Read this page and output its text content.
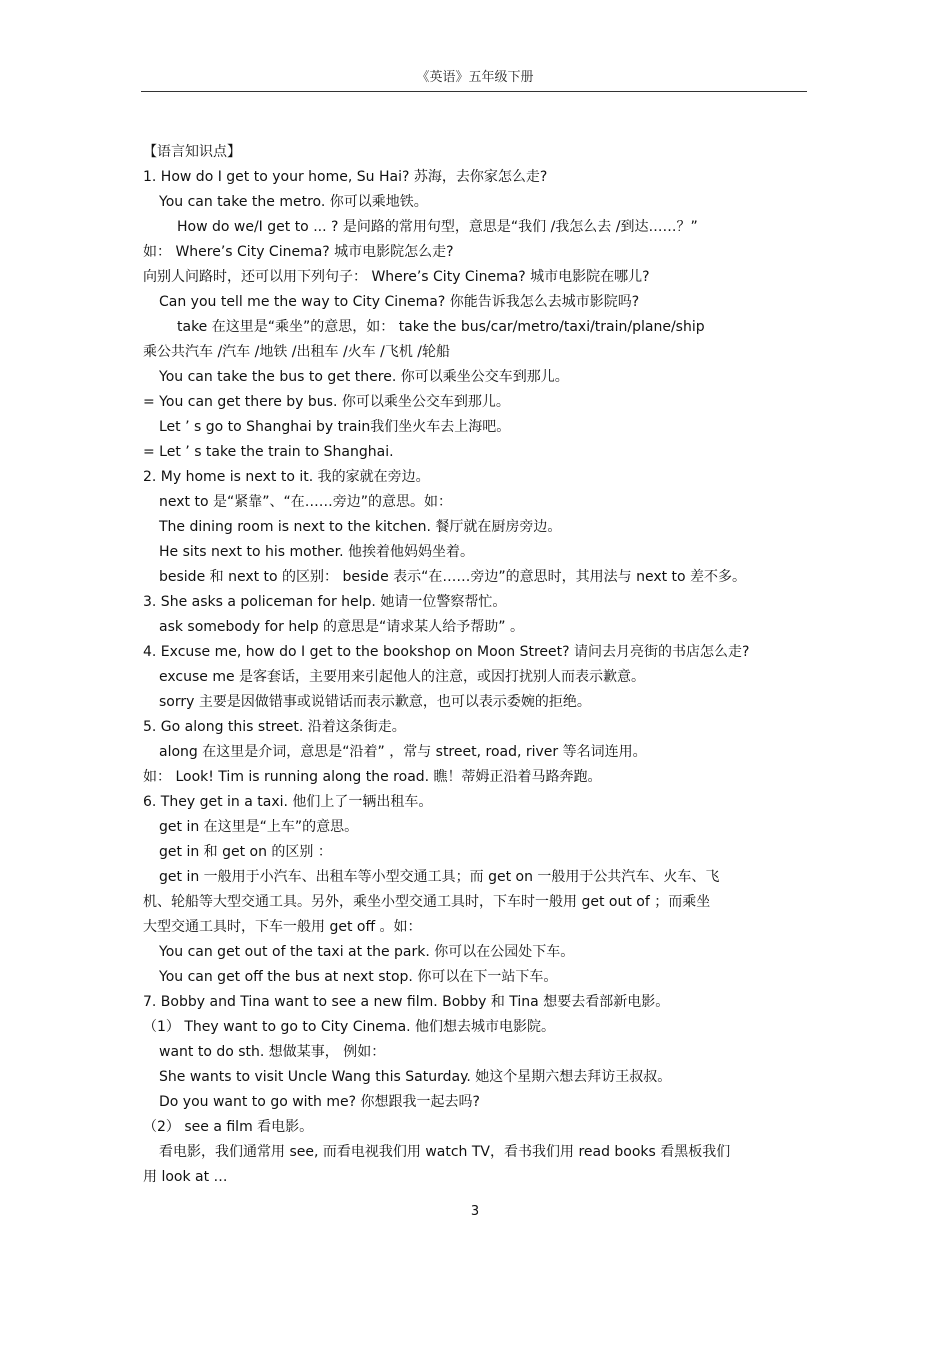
《英语》五年级下册
【语言知识点】
1. How do I get to your home, Su Hai? 苏海，去你家怎么走?
You can take the metro. 你可以乘地铁。
How do we/I get to ... ? 是问路的常用句型，意思是“我们 /我怎么去 /到达……？”
如： Where’s City Cinema? 城市电影院怎么走?
向别人问路时，还可以用下列句子： Where’s City Cinema? 城市电影院在哪儿?
Can you tell me the way to City Cinema? 你能告诉我怎么去城市影院吗?
take 在这里是“乘坐”的意思，如： take the bus/car/metro/taxi/train/plane/ship
乘公共汽车 /汽车 /地铁 /出租车 /火车 /飞机 /轮船
You can take the bus to get there. 你可以乘坐公交车到那儿。
= You can get there by bus. 你可以乘坐公交车到那儿。
Let ’ s go to Shanghai by train我们坐火车去上海吧。
= Let ’ s take the train to Shanghai.
2. My home is next to it. 我的家就在旁边。
next to 是“紧靠”、“在……旁边”的意思。如：
The dining room is next to the kitchen. 餐厅就在厨房旁边。
He sits next to his mother. 他挨着他妈妈坐着。
beside 和 next to 的区别： beside 表示“在……旁边”的意思时，其用法与 next to 差不多。
3. She asks a policeman for help. 她请一位警察帮忙。
ask somebody for help 的意思是“请求某人给予帮助” 。
4. Excuse me, how do I get to the bookshop on Moon Street? 请问去月亮街的书店怎么走?
excuse me 是客套话，主要用来引起他人的注意，或因打扰别人而表示歉意。
sorry 主要是因做错事或说错话而表示歉意，也可以表示委婉的拒绝。
5. Go along this street. 沿着这条街走。
along 在这里是介词，意思是“沿着” ，常与 street, road, river 等名词连用。
如： Look! Tim is running along the road. 瞧！蒂姆正沿着马路奔跑。
6. They get in a taxi. 他们上了一辆出租车。
get in 在这里是“上车”的意思。
get in 和 get on 的区别 ：
get in 一般用于小汽车、出租车等小型交通工具；而 get on 一般用于公共汽车、火车、飞
机、轮船等大型交通工具。另外，乘坐小型交通工具时，下车时一般用 get out of ；而乘坐
大型交通工具时，下车一般用 get off 。如：
You can get out of the taxi at the park. 你可以在公园处下车。
You can get off the bus at next stop. 你可以在下一站下车。
7. Bobby and Tina want to see a new film. Bobby 和 Tina 想要去看部新电影。
（1） They want to go to City Cinema. 他们想去城市电影院。
want to do sth. 想做某事， 例如：
She wants to visit Uncle Wang this Saturday. 她这个星期六想去拜访王叔叔。
Do you want to go with me? 你想跟我一起去吗?
（2） see a film 看电影。
看电影，我们通常用 see, 而看电视我们用 watch TV，看书我们用 read books 看黑板我们
用 look at …
3
